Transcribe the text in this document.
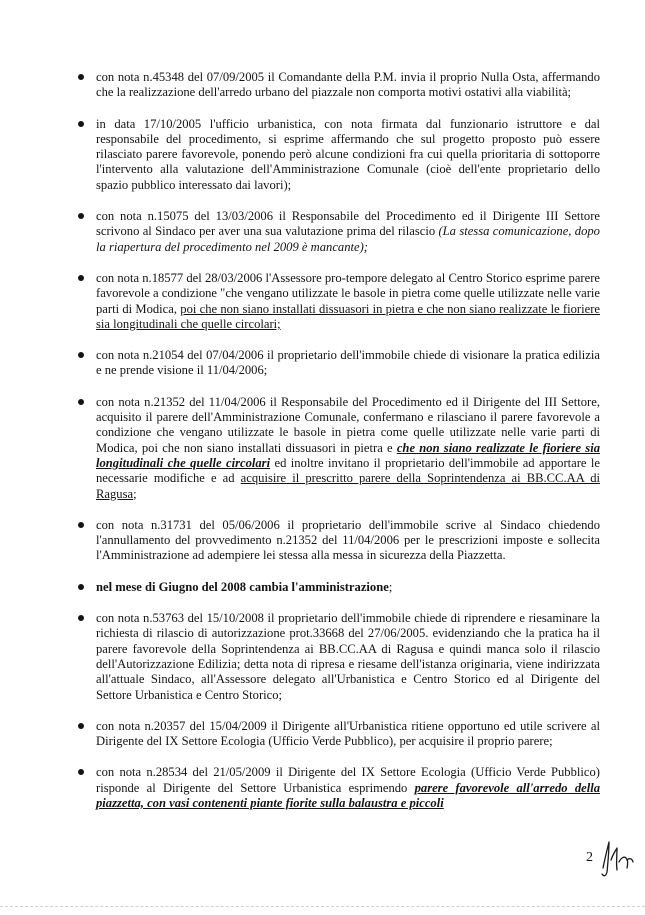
con nota n.45348 del 07/09/2005 il Comandante della P.M. invia il proprio Nulla Osta, affermando che la realizzazione dell'arredo urbano del piazzale non comporta motivi ostativi alla viabilità;
in data 17/10/2005 l'ufficio urbanistica, con nota firmata dal funzionario istruttore e dal responsabile del procedimento, si esprime affermando che sul progetto proposto può essere rilasciato parere favorevole, ponendo però alcune condizioni fra cui quella prioritaria di sottoporre l'intervento alla valutazione dell'Amministrazione Comunale (cioè dell'ente proprietario dello spazio pubblico interessato dai lavori);
con nota n.15075 del 13/03/2006 il Responsabile del Procedimento ed il Dirigente III Settore scrivono al Sindaco per aver una sua valutazione prima del rilascio (La stessa comunicazione, dopo la riapertura del procedimento nel 2009 è mancante);
con nota n.18577 del 28/03/2006 l'Assessore pro-tempore delegato al Centro Storico esprime parere favorevole a condizione "che vengano utilizzate le basole in pietra come quelle utilizzate nelle varie parti di Modica, poi che non siano installati dissuasori in pietra e che non siano realizzate le fioriere sia longitudinali che quelle circolari;
con nota n.21054 del 07/04/2006 il proprietario dell'immobile chiede di visionare la pratica edilizia e ne prende visione il 11/04/2006;
con nota n.21352 del 11/04/2006 il Responsabile del Procedimento ed il Dirigente del III Settore, acquisito il parere dell'Amministrazione Comunale, confermano e rilasciano il parere favorevole a condizione che vengano utilizzate le basole in pietra come quelle utilizzate nelle varie parti di Modica, poi che non siano installati dissuasori in pietra e che non siano realizzate le fioriere sia longitudinali che quelle circolari ed inoltre invitano il proprietario dell'immobile ad apportare le necessarie modifiche e ad acquisire il prescritto parere della Soprintendenza ai BB.CC.AA di Ragusa;
con nota n.31731 del 05/06/2006 il proprietario dell'immobile scrive al Sindaco chiedendo l'annullamento del provvedimento n.21352 del 11/04/2006 per le prescrizioni imposte e sollecita l'Amministrazione ad adempiere lei stessa alla messa in sicurezza della Piazzetta.
nel mese di Giugno del 2008 cambia l'amministrazione;
con nota n.53763 del 15/10/2008 il proprietario dell'immobile chiede di riprendere e riesaminare la richiesta di rilascio di autorizzazione prot.33668 del 27/06/2005. evidenziando che la pratica ha il parere favorevole della Soprintendenza ai BB.CC.AA di Ragusa e quindi manca solo il rilascio dell'Autorizzazione Edilizia; detta nota di ripresa e riesame dell'istanza originaria, viene indirizzata all'attuale Sindaco, all'Assessore delegato all'Urbanistica e Centro Storico ed al Dirigente del Settore Urbanistica e Centro Storico;
con nota n.20357 del 15/04/2009 il Dirigente all'Urbanistica ritiene opportuno ed utile scrivere al Dirigente del IX Settore Ecologia (Ufficio Verde Pubblico), per acquisire il proprio parere;
con nota n.28534 del 21/05/2009 il Dirigente del IX Settore Ecologia (Ufficio Verde Pubblico) risponde al Dirigente del Settore Urbanistica esprimendo parere favorevole all'arredo della piazzetta, con vasi contenenti piante fiorite sulla balaustra e piccoli
2
